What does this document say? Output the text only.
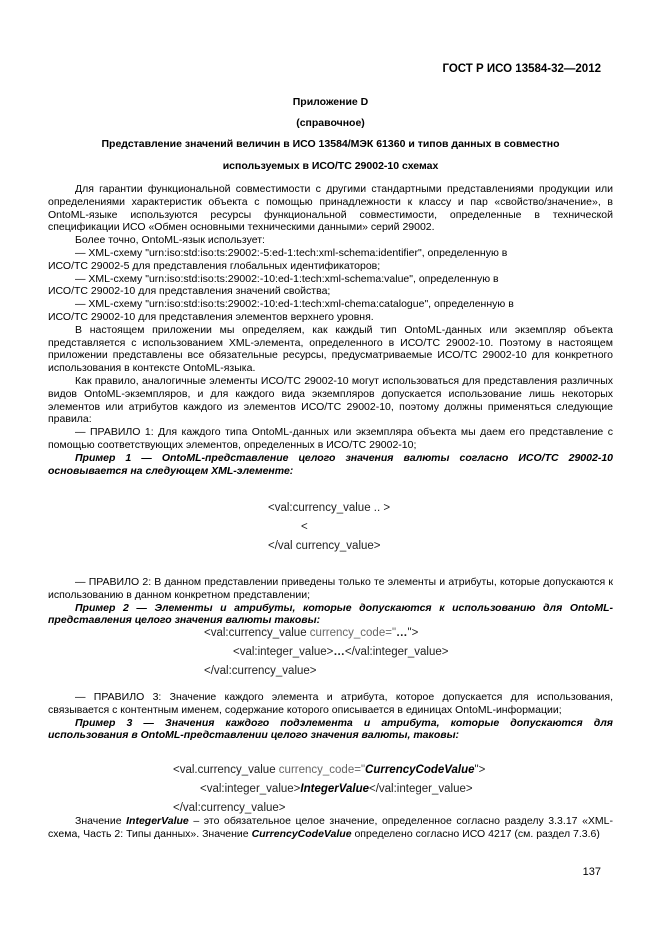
ГОСТ Р ИСО 13584-32—2012

Приложение D

(справочное)

Представление значений величин в ИСО 13584/МЭК 61360 и типов данных в совместно

используемых в ИСО/ТС 29002-10 схемах

Для гарантии функциональной совместимости с другими стандартными представлениями продукции или определениями характеристик объекта с помощью принадлежности к классу и пар «свойство/значение», в OntoML-языке используются ресурсы функциональной совместимости, определенные в технической спецификации ИСО «Обмен основными техническими данными» серий 29002.

Более точно, OntoML-язык использует:

— XML-схему "urn:iso:std:iso:ts:29002:-5:ed-1:tech:xml-schema:identifier", определенную в

ИСО/ТС 29002-5 для представления глобальных идентификаторов;

— XML-схему "urn:iso:std:iso:ts:29002:-10:ed-1:tech:xml-schema:value", определенную в

ИСО/ТС 29002-10 для представления значений свойства;

— XML-схему "urn:iso:std:iso:ts:29002:-10:ed-1:tech:xml-chema:catalogue", определенную в

ИСО/ТС 29002-10 для представления элементов верхнего уровня.

В настоящем приложении мы определяем, как каждый тип OntoML-данных или экземпляр объекта представляется с использованием XML-элемента, определенного в ИСО/ТС 29002-10. Поэтому в настоящем приложении представлены все обязательные ресурсы, предусматриваемые ИСО/ТС 29002-10 для конкретного использования в контексте OntoML-языка.

Как правило, аналогичные элементы ИСО/ТС 29002-10 могут использоваться для представления различных видов OntoML-экземпляров, и для каждого вида экземпляров допускается использование лишь некоторых элементов или атрибутов каждого из элементов ИСО/ТС 29002-10, поэтому должны применяться следующие правила:

— ПРАВИЛО 1: Для каждого типа OntoML-данных или экземпляра объекта мы даем его представление с помощью соответствующих элементов, определенных в ИСО/ТС 29002-10;

Пример 1 — OntoML-представление целого значения валюты согласно ИСО/ТС 29002-10 основывается на следующем XML-элементе:

<val:currency_value .. >
<
</val currency_value>

— ПРАВИЛО 2: В данном представлении приведены только те элементы и атрибуты, которые допускаются к использованию в данном конкретном представлении;

Пример 2 — Элементы и атрибуты, которые допускаются к использованию для OntoML-представления целого значения валюты таковы:

<val:currency_value currency_code="…">
<val:integer_value>…</val:integer_value>
</val:currency_value>

— ПРАВИЛО 3: Значение каждого элемента и атрибута, которое допускается для использования, связывается с контентным именем, содержание которого описывается в единицах OntoML-информации;

Пример 3 — Значения каждого подэлемента и атрибута, которые допускаются для использования в OntoML-представлении целого значения валюты, таковы:

<val.currency_value currency_code="CurrencyCodeValue">
<val:integer_value>IntegerValue</val:integer_value>
</val:currency_value>

Значение IntegerValue – это обязательное целое значение, определенное согласно разделу 3.3.17 «XML-схема, Часть 2: Типы данных». Значение CurrencyCodeValue определено согласно ИСО 4217 (см. раздел 7.3.6)

137
